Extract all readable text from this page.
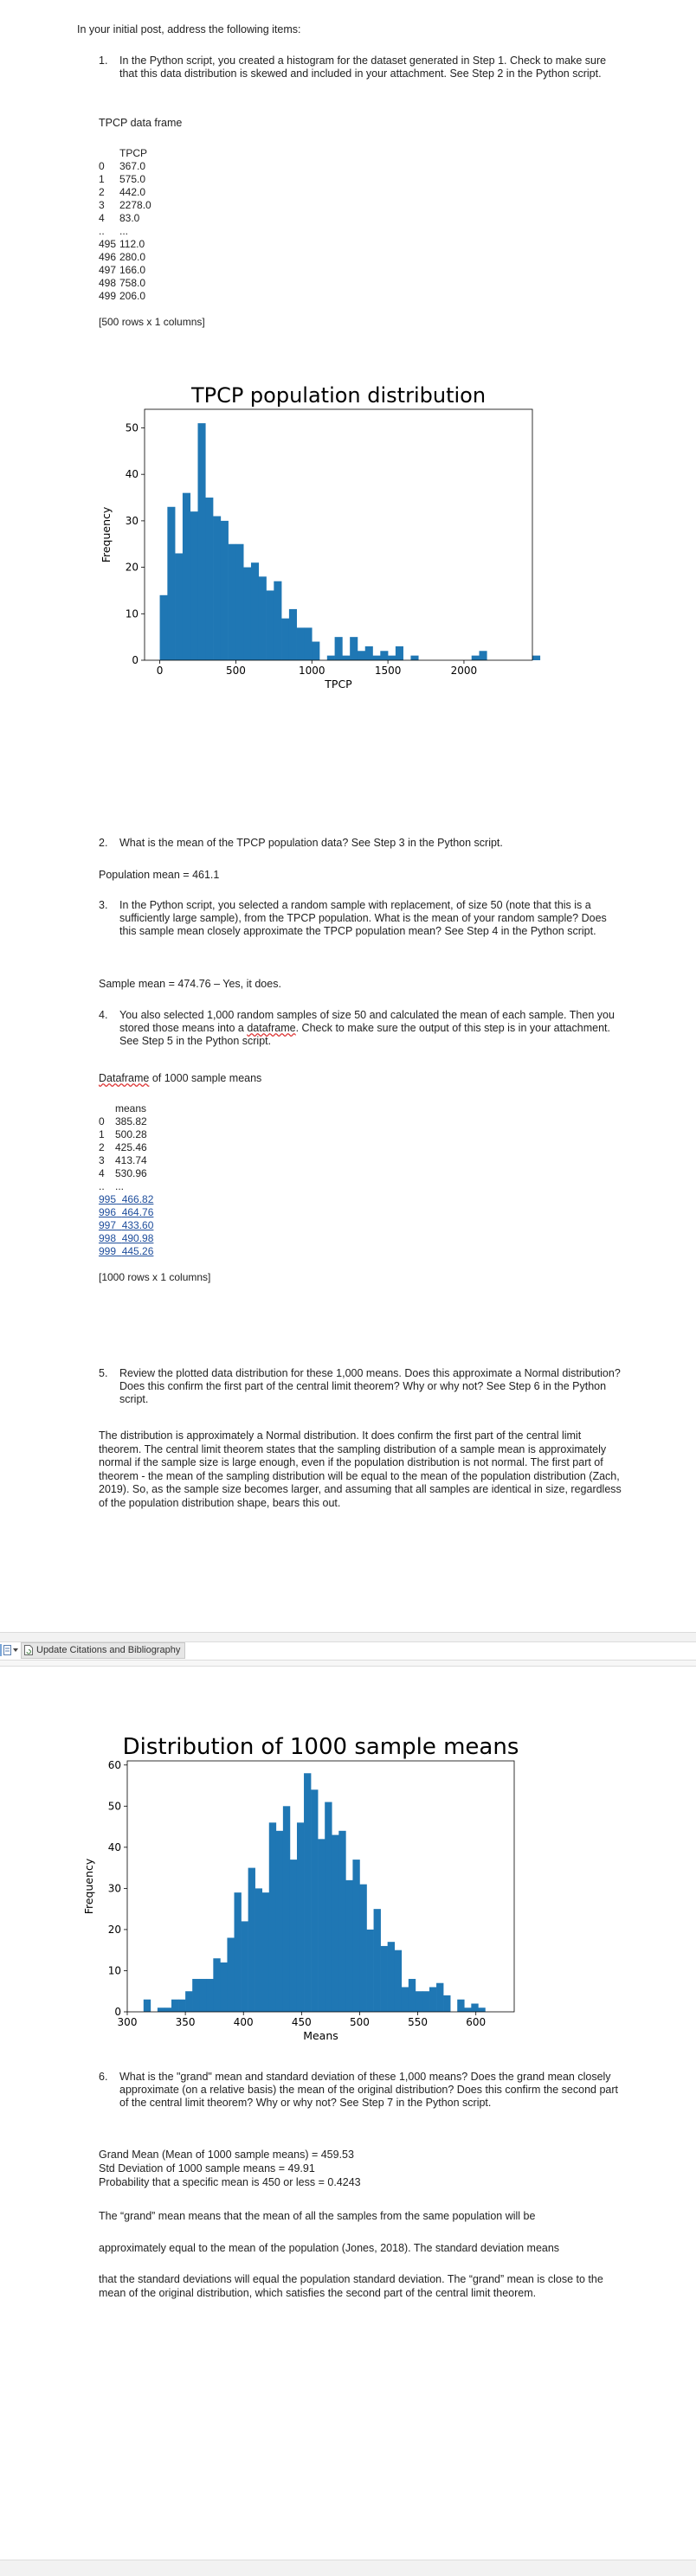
In your initial post, address the following items:
1. In the Python script, you created a histogram for the dataset generated in Step 1. Check to make sure that this data distribution is skewed and included in your attachment. See Step 2 in the Python script.
TPCP data frame
TPCP
0 367.0
1 575.0
2 442.0
3 2278.0
4 83.0
.. ...
495 112.0
496 280.0
497 166.0
498 758.0
499 206.0
[500 rows x 1 columns]
TPCP population distribution
0	500	1000	1500	2000
0
10
20
30
40
50
TPCP
Frequency
2. What is the mean of the TPCP population data? See Step 3 in the Python script.
Population mean = 461.1
3. In the Python script, you selected a random sample with replacement, of size 50 (note that this is a sufficiently large sample), from the TPCP population. What is the mean of your random sample? Does this sample mean closely approximate the TPCP population mean? See Step 4 in the Python script.
Sample mean = 474.76 – Yes, it does.
4. You also selected 1,000 random samples of size 50 and calculated the mean of each sample. Then you stored those means into a dataframe. Check to make sure the output of this step is in your attachment. See Step 5 in the Python script.
Dataframe of 1000 sample means
means
0 385.82
1 500.28
2 425.46
3 413.74
4 530.96
.. ...
995 466.82
996 464.76
997 433.60
998 490.98
999 445.26
[1000 rows x 1 columns]
5. Review the plotted data distribution for these 1,000 means. Does this approximate a Normal distribution? Does this confirm the first part of the central limit theorem? Why or why not? See Step 6 in the Python script.
The distribution is approximately a Normal distribution. It does confirm the first part of the central limit theorem. The central limit theorem states that the sampling distribution of a sample mean is approximately normal if the sample size is large enough, even if the population distribution is not normal. The first part of theorem - the mean of the sampling distribution will be equal to the mean of the population distribution (Zach, 2019). So, as the sample size becomes larger, and assuming that all samples are identical in size, regardless of the population distribution shape, bears this out.
Update Citations and Bibliography
Distribution of 1000 sample means
300	350	400	450	500	550	600
0
10
20
30
40
50
60
Means
Frequency
6. What is the "grand" mean and standard deviation of these 1,000 means? Does the grand mean closely approximate (on a relative basis) the mean of the original distribution? Does this confirm the second part of the central limit theorem? Why or why not? See Step 7 in the Python script.
Grand Mean (Mean of 1000 sample means) = 459.53
Std Deviation of 1000 sample means = 49.91
Probability that a specific mean is 450 or less = 0.4243
The “grand” mean means that the mean of all the samples from the same population will be
approximately equal to the mean of the population (Jones, 2018). The standard deviation means
that the standard deviations will equal the population standard deviation. The “grand” mean is close to the mean of the original distribution, which satisfies the second part of the central limit theorem.
